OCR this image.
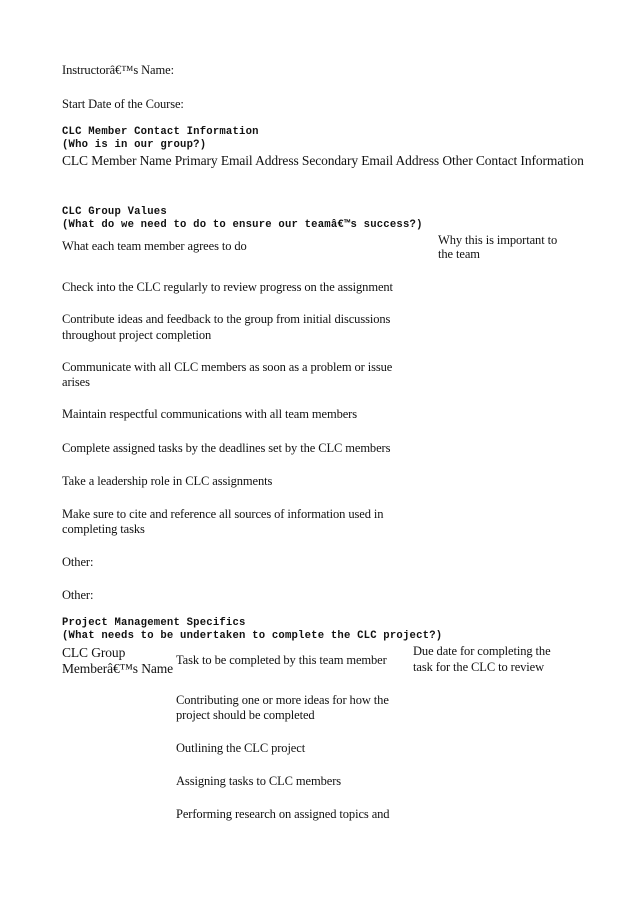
Instructorâ€™s Name:
Start Date of the Course:
CLC Member Contact Information
(Who is in our group?)
CLC Member Name Primary Email Address Secondary Email Address Other Contact Information
CLC Group Values
(What do we need to do to ensure our teamâ€™s success?)
What each team member agrees to do	Why this is important to
the team
Check into the CLC regularly to review progress on the assignment
Contribute ideas and feedback to the group from initial discussions
throughout project completion
Communicate with all CLC members as soon as a problem or issue
arises
Maintain respectful communications with all team members
Complete assigned tasks by the deadlines set by the CLC members
Take a leadership role in CLC assignments
Make sure to cite and reference all sources of information used in
completing tasks
Other:
Other:
Project Management Specifics
(What needs to be undertaken to complete the CLC project?)
CLC Group
Memberâ€™s Name
Task to be completed by this team member
Due date for completing the
task for the CLC to review
Contributing one or more ideas for how the
project should be completed
Outlining the CLC project
Assigning tasks to CLC members
Performing research on assigned topics and
